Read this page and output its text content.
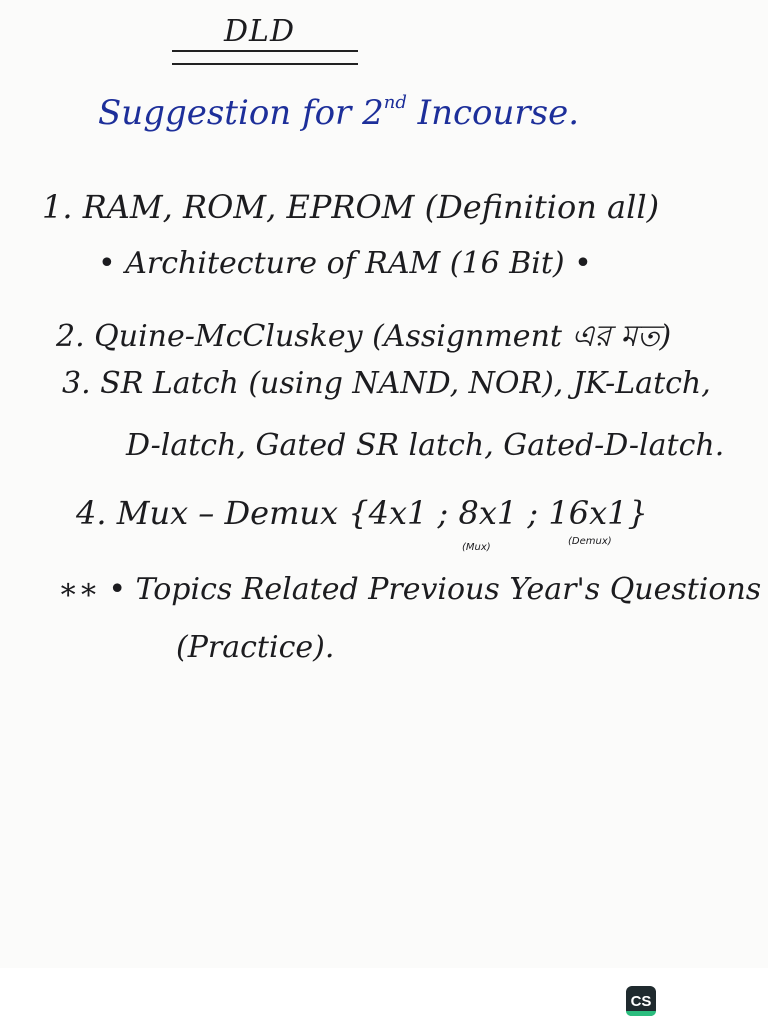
DLD
Suggestion for 2nd Incourse.
1. RAM, ROM, EPROM (Definition all)
• Architecture of RAM (16 Bit) •
2. Quine-McCluskey (Assignment এর মত)
3. SR Latch (using NAND, NOR), JK-Latch,
D-latch, Gated SR latch, Gated-D-latch.
4. Mux – Demux {4x1 ; 8x1 ; 16x1}
(Mux)
(Demux)
∗∗ • Topics Related Previous Year's Questions
(Practice).
CS
